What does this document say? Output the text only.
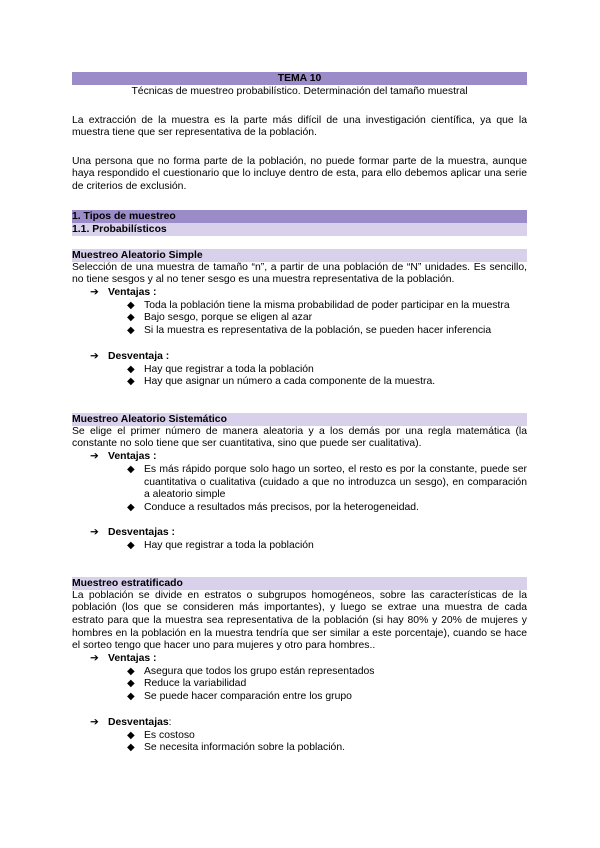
TEMA 10
Técnicas de muestreo probabilístico. Determinación del tamaño muestral
La extracción de la muestra es la parte más difícil de una investigación científica, ya que la muestra tiene que ser representativa de la población.
Una persona que no forma parte de la población, no puede formar parte de la muestra, aunque haya respondido el cuestionario que lo incluye dentro de esta, para ello debemos aplicar una serie de criterios de exclusión.
1. Tipos de muestreo
1.1. Probabilísticos
Muestreo Aleatorio Simple
Selección de una muestra de tamaño “n”, a partir de una población de “N” unidades. Es sencillo, no tiene sesgos y al no tener sesgo es una muestra representativa de la población.
➔ Ventajas :
◆ Toda la población tiene la misma probabilidad de poder participar en la muestra
◆ Bajo sesgo, porque se eligen al azar
◆ Si la muestra es representativa de la población, se pueden hacer inferencia
➔ Desventaja :
◆ Hay que registrar a toda la población
◆ Hay que asignar un número a cada componente de la muestra.
Muestreo Aleatorio Sistemático
Se elige el primer número de manera aleatoria y a los demás por una regla matemática (la constante no solo tiene que ser cuantitativa, sino que puede ser cualitativa).
➔ Ventajas :
◆ Es más rápido porque solo hago un sorteo, el resto es por la constante, puede ser cuantitativa o cualitativa (cuidado a que no introduzca un sesgo), en comparación a aleatorio simple
◆ Conduce a resultados más precisos, por la heterogeneidad.
➔ Desventajas :
◆ Hay que registrar a toda la población
Muestreo estratificado
La población se divide en estratos o subgrupos homogéneos, sobre las características de la población (los que se consideren más importantes), y luego se extrae una muestra de cada estrato para que la muestra sea representativa de la población (si hay 80% y 20% de mujeres y hombres en la población en la muestra tendría que ser similar a este porcentaje), cuando se hace el sorteo tengo que hacer uno para mujeres y otro para hombres..
➔ Ventajas :
◆ Asegura que todos los grupo están representados
◆ Reduce la variabilidad
◆ Se puede hacer comparación entre los grupo
➔ Desventajas:
◆ Es costoso
◆ Se necesita información sobre la población.
